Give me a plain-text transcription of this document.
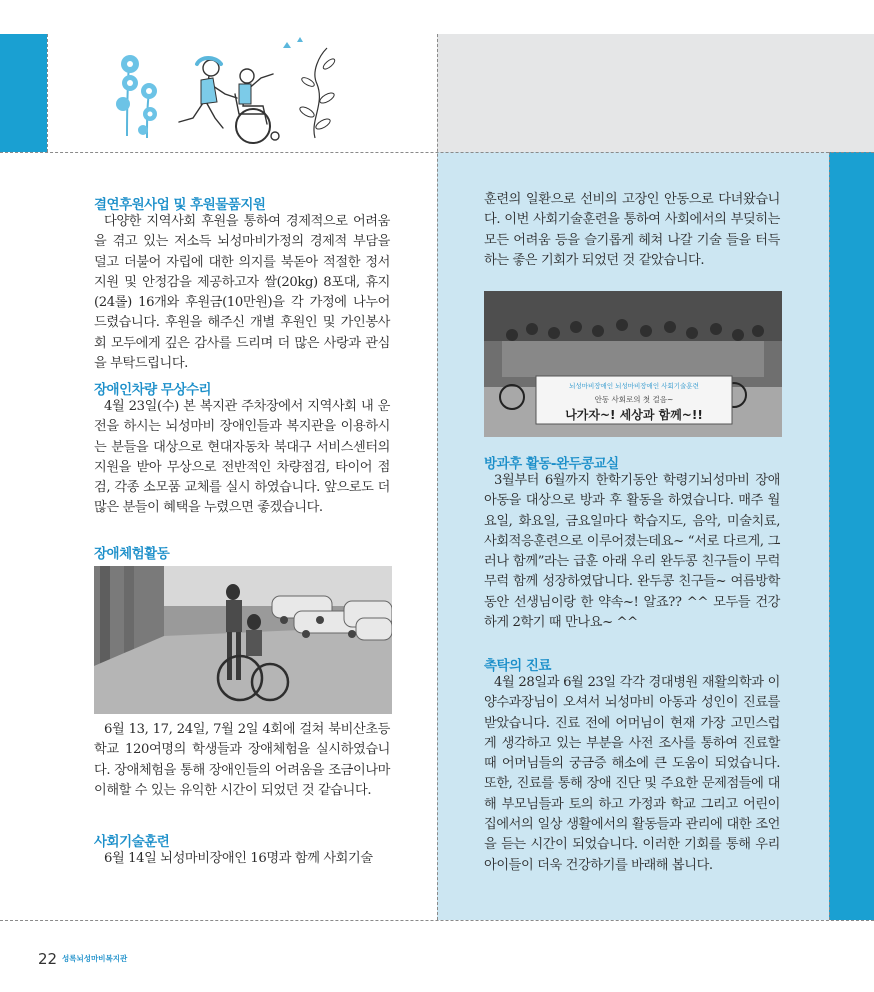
결연후원사업 및 후원물품지원

다양한 지역사회 후원을 통하여 경제적으로 어려움을 겪고 있는 저소득 뇌성마비가정의 경제적 부담을 덜고 더불어 자립에 대한 의지를 북돋아 적절한 정서지원 및 안정감을 제공하고자 쌀(20kg) 8포대, 휴지(24롤) 16개와 후원금(10만원)을 각 가정에 나누어 드렸습니다. 후원을 해주신 개별 후원인 및 가인봉사회 모두에게 깊은 감사를 드리며 더 많은 사랑과 관심을 부탁드립니다.

장애인차량 무상수리

4월 23일(수) 본 복지관 주차장에서 지역사회 내 운전을 하시는 뇌성마비 장애인들과 복지관을 이용하시는 분들을 대상으로 현대자동차 북대구 서비스센터의 지원을 받아 무상으로 전반적인 차량점검, 타이어 점검, 각종 소모품 교체를 실시 하였습니다. 앞으로도 더 많은 분들이 혜택을 누렸으면 좋겠습니다.

장애체험활동

6월 13, 17, 24일, 7월 2일 4회에 걸쳐 북비산초등학교 120여명의 학생들과 장애체험을 실시하였습니다. 장애체험을 통해 장애인들의 어려움을 조금이나마 이해할 수 있는 유익한 시간이 되었던 것 같습니다.

사회기술훈련

6월 14일 뇌성마비장애인 16명과 함께 사회기술

훈련의 일환으로 선비의 고장인 안동으로 다녀왔습니다. 이번 사회기술훈련을 통하여 사회에서의 부딪히는 모든 어려움 등을 슬기롭게 헤쳐 나갈 기술 들을 터득하는 좋은 기회가 되었던 것 같았습니다.

뇌성마비장애인 뇌성마비장애인 사회기술훈련
안동 사회로의 첫 걸음~
나가자~! 세상과 함께~!!
방과후 활동-완두콩교실

3월부터 6월까지 한학기동안 학령기뇌성마비 장애아동을 대상으로 방과 후 활동을 하였습니다. 매주 월요일, 화요일, 금요일마다 학습지도, 음악, 미술치료, 사회적응훈련으로 이루어졌는데요~ “서로 다르게, 그러나 함께”라는 급훈 아래 우리 완두콩 친구들이 무럭무럭 함께 성장하였답니다. 완두콩 친구들~ 여름방학동안 선생님이랑 한 약속~! 알죠?? ^^ 모두들 건강하게 2학기 때 만나요~ ^^

촉탁의 진료

4월 28일과 6월 23일 각각 경대병원 재활의학과 이양수과장님이 오셔서 뇌성마비 아동과 성인이 진료를 받았습니다. 진료 전에 어머님이 현재 가장 고민스럽게 생각하고 있는 부분을 사전 조사를 통하여 진료할 때 어머님들의 궁금증 해소에 큰 도움이 되었습니다. 또한, 진료를 통해 장애 진단 및 주요한 문제점들에 대해 부모님들과 토의 하고 가정과 학교 그리고 어린이집에서의 일상 생활에서의 활동들과 관리에 대한 조언을 듣는 시간이 되었습니다. 이러한 기회를 통해 우리아이들이 더욱 건강하기를 바래해 봅니다.

22 성록뇌성마비복지관
